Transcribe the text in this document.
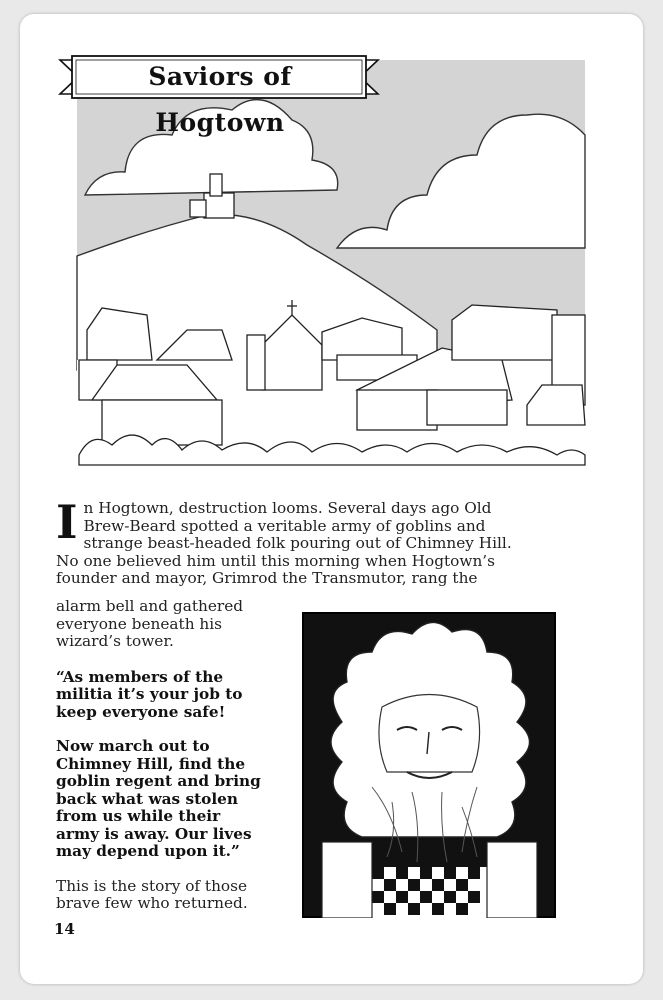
Saviors of Hogtown
I n Hogtown, destruction looms. Several days ago Old
Brew-Beard spotted a veritable army of goblins and
strange beast-headed folk pouring out of Chimney Hill.
No one believed him until this morning when Hogtown’s
founder and mayor, Grimrod the Transmutor, rang the

alarm bell and gathered
everyone beneath his
wizard’s tower.

“As members of the
militia it’s your job to
keep everyone safe!

Now march out to
Chimney Hill, find the
goblin regent and bring
back what was stolen
from us while their
army is away. Our lives
may depend upon it.”

This is the story of those
brave few who returned.

14
